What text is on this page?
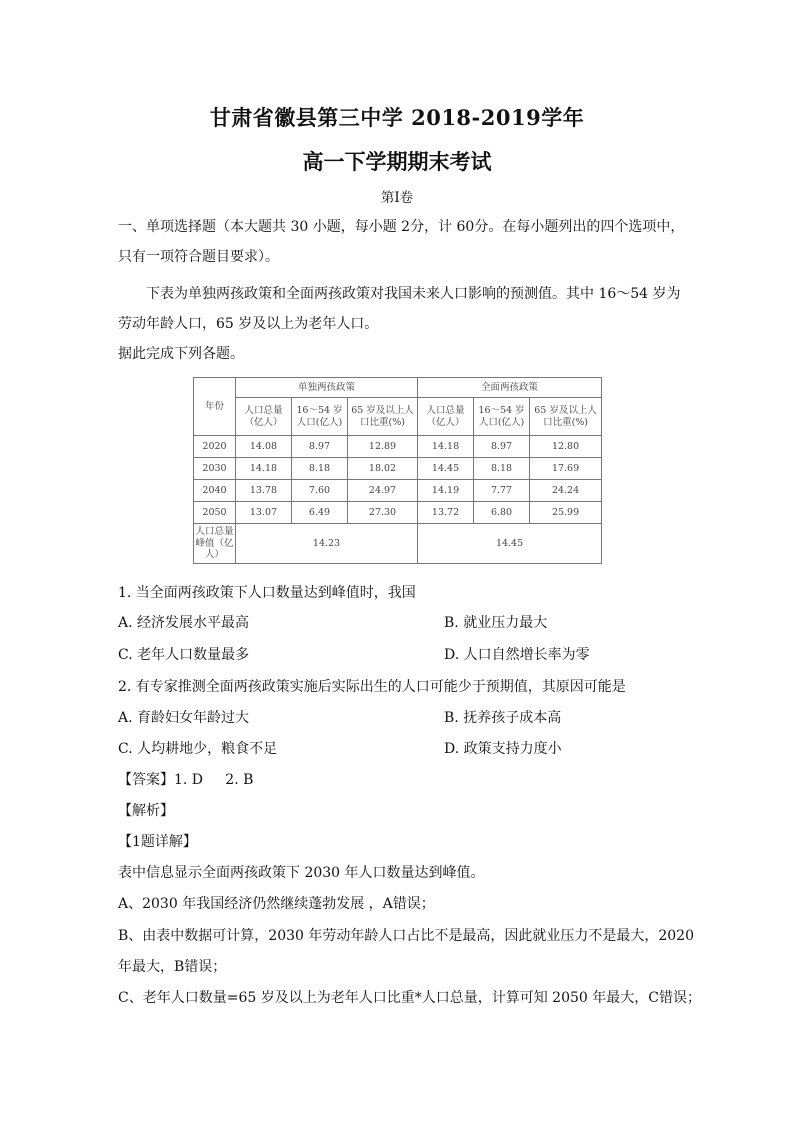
甘肃省徽县第三中学 2018-2019学年
高一下学期期末考试
第I卷
一、单项选择题（本大题共 30 小题，每小题 2分，计 60分。在每小题列出的四个选项中，
只有一项符合题目要求）。
下表为单独两孩政策和全面两孩政策对我国未来人口影响的预测值。其中 16～54 岁为
劳动年龄人口，65 岁及以上为老年人口。
据此完成下列各题。
年份	单独两孩政策			全面两孩政策		
	人口总量（亿人）	16～54 岁人口(亿人)	65 岁及以上人口比重(%)	人口总量（亿人）	16～54 岁人口(亿人)	65 岁及以上人口比重(%)
2020	14.08	8.97	12.89	14.18	8.97	12.80
2030	14.18	8.18	18.02	14.45	8.18	17.69
2040	13.78	7.60	24.97	14.19	7.77	24.24
2050	13.07	6.49	27.30	13.72	6.80	25.99
人口总量峰值（亿人）	14.23			14.45		
1. 当全面两孩政策下人口数量达到峰值时，我国
A. 经济发展水平最高	B. 就业压力最大
C. 老年人口数量最多	D. 人口自然增长率为零
2. 有专家推测全面两孩政策实施后实际出生的人口可能少于预期值，其原因可能是
A. 育龄妇女年龄过大	B. 抚养孩子成本高
C. 人均耕地少，粮食不足	D. 政策支持力度小
【答案】1. D     2. B
【解析】
【1题详解】
表中信息显示全面两孩政策下 2030 年人口数量达到峰值。
A、2030 年我国经济仍然继续蓬勃发展 ，A错误；
B、由表中数据可计算，2030 年劳动年龄人口占比不是最高，因此就业压力不是最大，2020
年最大，B错误；
C、老年人口数量=65 岁及以上为老年人口比重*人口总量，计算可知 2050 年最大，C错误；
